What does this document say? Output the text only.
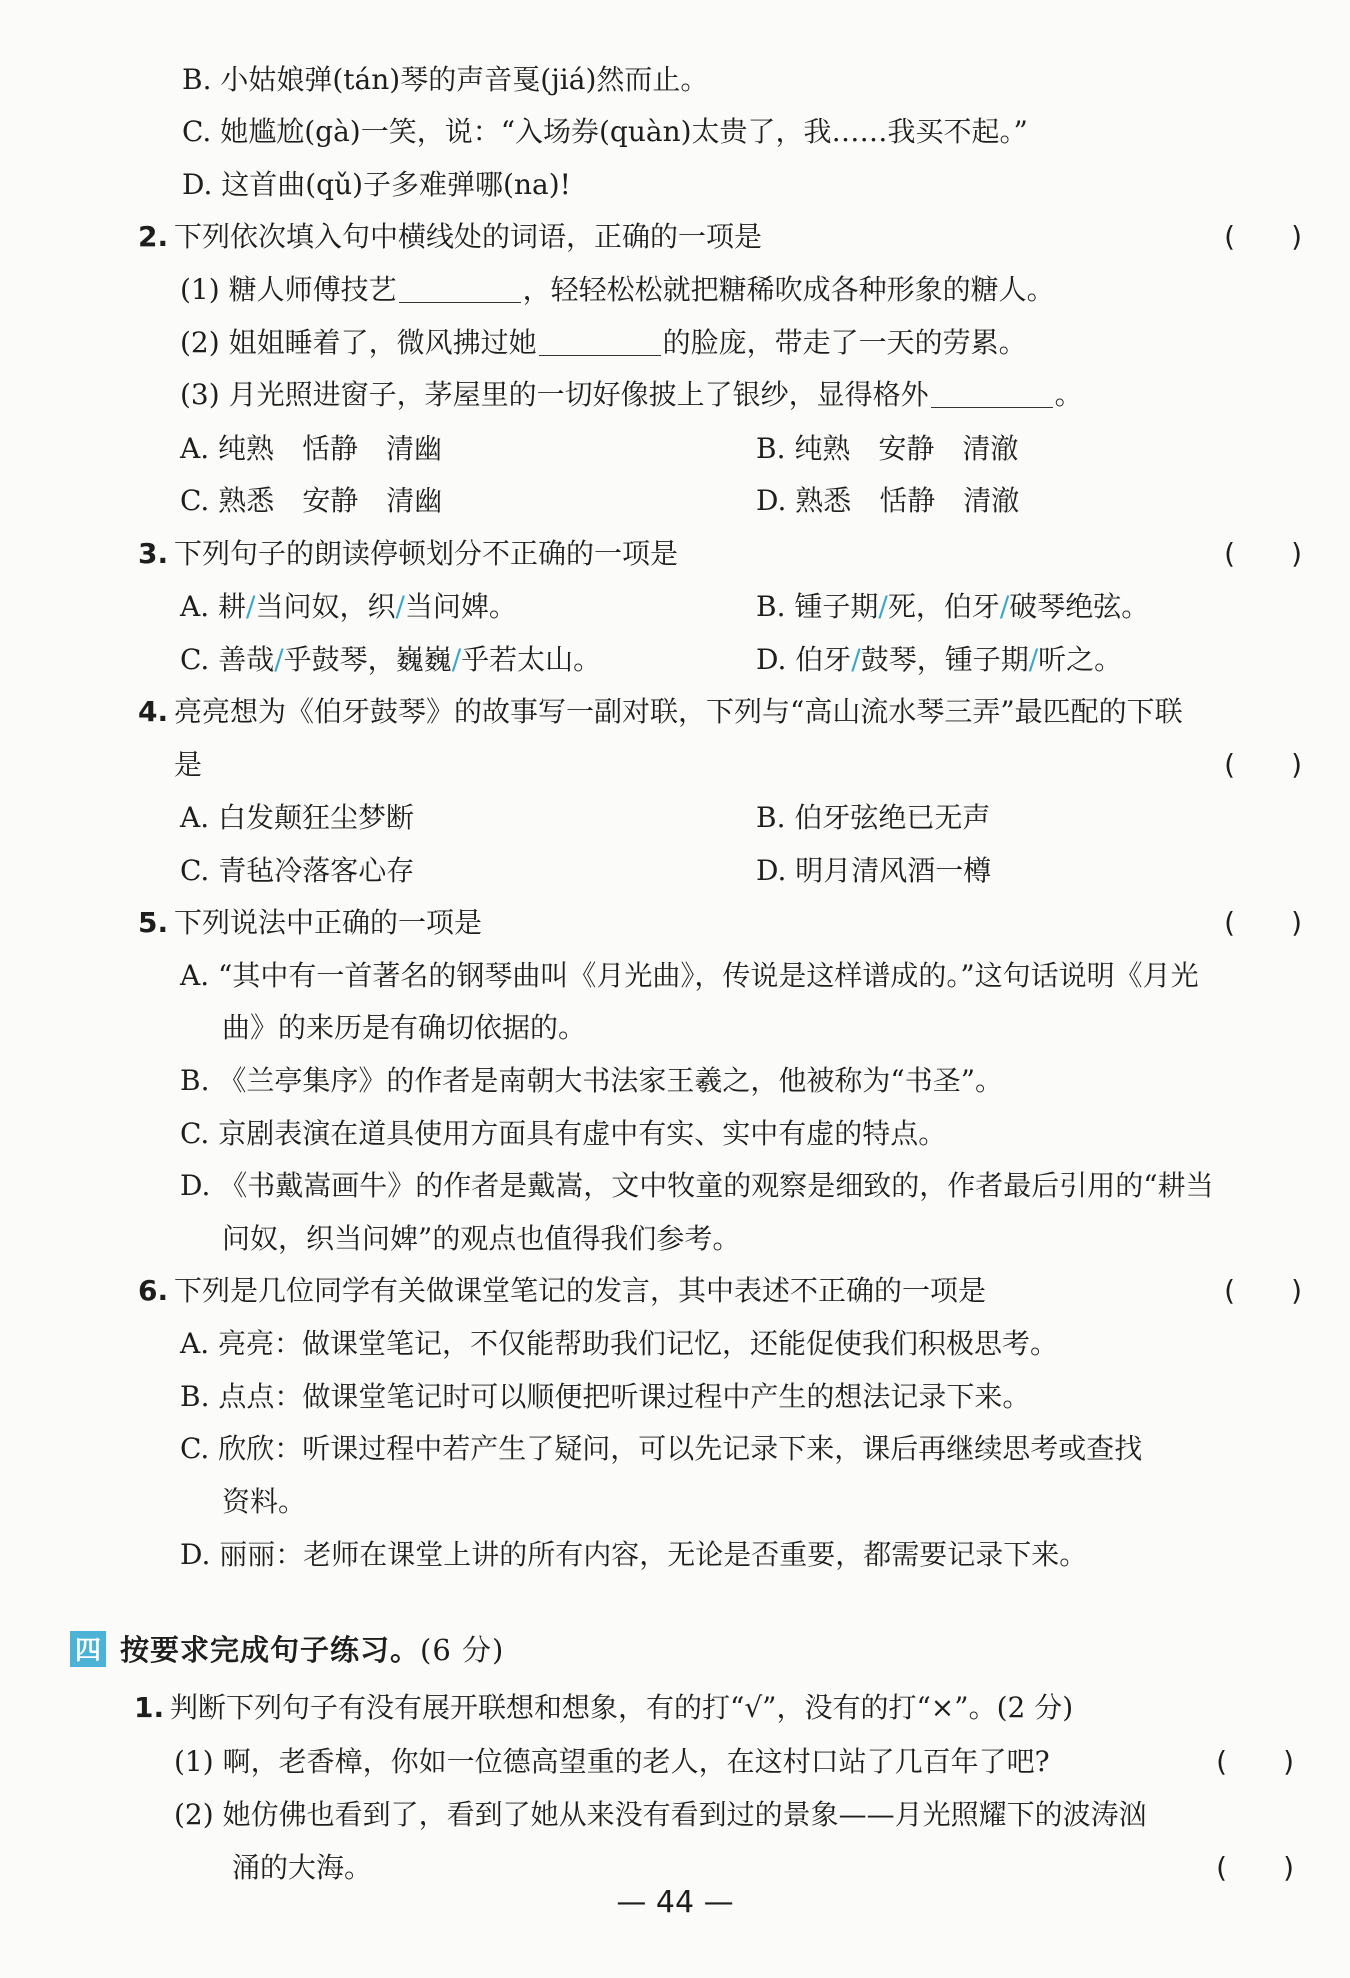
B. 小姑娘弹(tán)琴的声音戛(jiá)然而止。
C. 她尴尬(gà)一笑，说：“入场券(quàn)太贵了，我……我买不起。”
D. 这首曲(qǔ)子多难弹哪(na)!
2. 下列依次填入句中横线处的词语，正确的一项是	(　　)
(1) 糖人师傅技艺	，轻轻松松就把糖稀吹成各种形象的糖人。
(2) 姐姐睡着了，微风拂过她	的脸庞，带走了一天的劳累。
(3) 月光照进窗子，茅屋里的一切好像披上了银纱，显得格外	。
A. 纯熟　恬静　清幽	B. 纯熟　安静　清澈
C. 熟悉　安静　清幽	D. 熟悉　恬静　清澈
3. 下列句子的朗读停顿划分不正确的一项是	(　　)
A. 耕/当问奴，织/当问婢。	B. 锺子期/死，伯牙/破琴绝弦。
C. 善哉/乎鼓琴，巍巍/乎若太山。	D. 伯牙/鼓琴，锺子期/听之。
4. 亮亮想为《伯牙鼓琴》的故事写一副对联，下列与“高山流水琴三弄”最匹配的下联
是	(　　)
A. 白发颠狂尘梦断	B. 伯牙弦绝已无声
C. 青毡冷落客心存	D. 明月清风酒一樽
5. 下列说法中正确的一项是	(　　)
A. “其中有一首著名的钢琴曲叫《月光曲》，传说是这样谱成的。”这句话说明《月光
曲》的来历是有确切依据的。
B. 《兰亭集序》的作者是南朝大书法家王羲之，他被称为“书圣”。
C. 京剧表演在道具使用方面具有虚中有实、实中有虚的特点。
D. 《书戴嵩画牛》的作者是戴嵩，文中牧童的观察是细致的，作者最后引用的“耕当
问奴，织当问婢”的观点也值得我们参考。
6. 下列是几位同学有关做课堂笔记的发言，其中表述不正确的一项是	(　　)
A. 亮亮：做课堂笔记，不仅能帮助我们记忆，还能促使我们积极思考。
B. 点点：做课堂笔记时可以顺便把听课过程中产生的想法记录下来。
C. 欣欣：听课过程中若产生了疑问，可以先记录下来，课后再继续思考或查找
资料。
D. 丽丽：老师在课堂上讲的所有内容，无论是否重要，都需要记录下来。
四 按要求完成句子练习。(6 分)
1. 判断下列句子有没有展开联想和想象，有的打“√”，没有的打“×”。(2 分)
(1) 啊，老香樟，你如一位德高望重的老人，在这村口站了几百年了吧?	(　　)
(2) 她仿佛也看到了，看到了她从来没有看到过的景象——月光照耀下的波涛汹
涌的大海。	(　　)
— 44 —
